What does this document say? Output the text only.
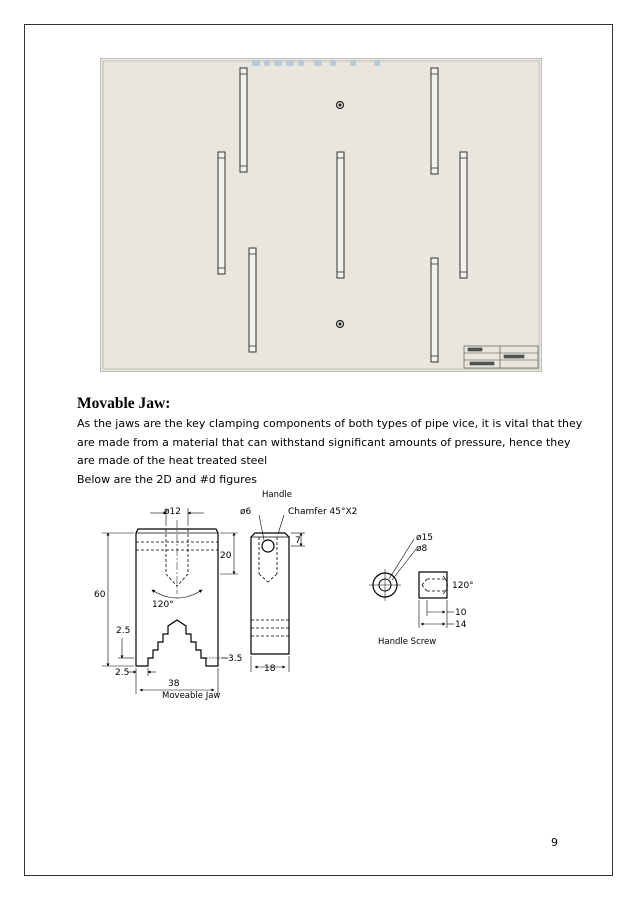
Movable Jaw:

As the jaws are the key clamping components of both types of pipe vice, it is vital that they
are made from a material that can withstand significant amounts of pressure, hence they
are made of the heat treated steel
Below are the 2D and #d figures

ø12
20
60
120°
2.5
2.5
3.5
38
Moveable Jaw
Handle
ø6	Chamfer 45°X2
7
18
ø15
ø8
120°
10
14
Handle Screw
9
